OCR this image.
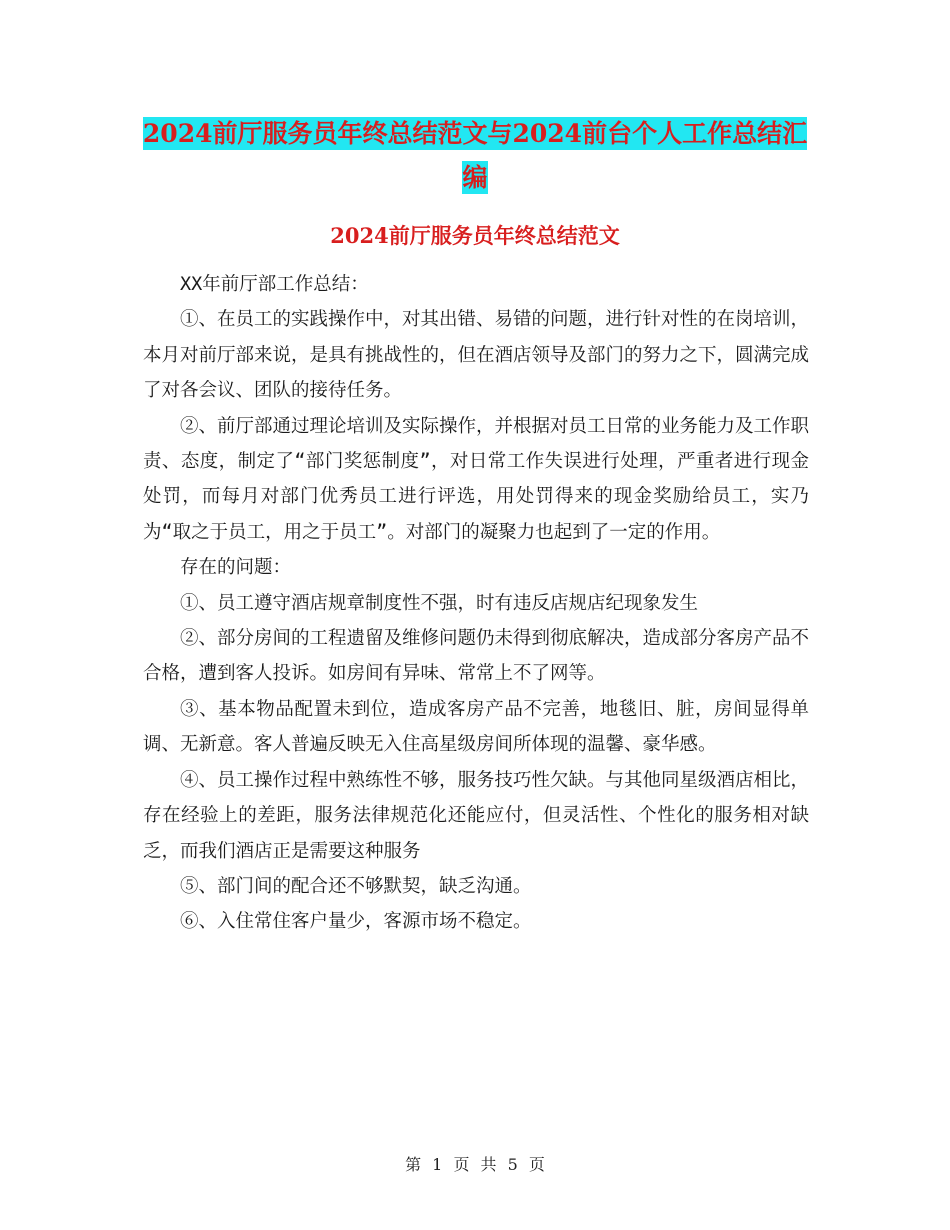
2024前厅服务员年终总结范文与2024前台个人工作总结汇编
2024前厅服务员年终总结范文

XX年前厅部工作总结：

①、在员工的实践操作中，对其出错、易错的问题，进行针对性的在岗培训，本月对前厅部来说，是具有挑战性的，但在酒店领导及部门的努力之下，圆满完成了对各会议、团队的接待任务。

②、前厅部通过理论培训及实际操作，并根据对员工日常的业务能力及工作职责、态度，制定了“部门奖惩制度”，对日常工作失误进行处理，严重者进行现金处罚，而每月对部门优秀员工进行评选，用处罚得来的现金奖励给员工，实乃为“取之于员工，用之于员工”。对部门的凝聚力也起到了一定的作用。

存在的问题：

①、员工遵守酒店规章制度性不强，时有违反店规店纪现象发生

②、部分房间的工程遗留及维修问题仍未得到彻底解决，造成部分客房产品不合格，遭到客人投诉。如房间有异味、常常上不了网等。

③、基本物品配置未到位，造成客房产品不完善，地毯旧、脏，房间显得单调、无新意。客人普遍反映无入住高星级房间所体现的温馨、豪华感。

④、员工操作过程中熟练性不够，服务技巧性欠缺。与其他同星级酒店相比，存在经验上的差距，服务法律规范化还能应付，但灵活性、个性化的服务相对缺乏，而我们酒店正是需要这种服务

⑤、部门间的配合还不够默契，缺乏沟通。

⑥、入住常住客户量少，客源市场不稳定。

第 1 页 共 5 页
